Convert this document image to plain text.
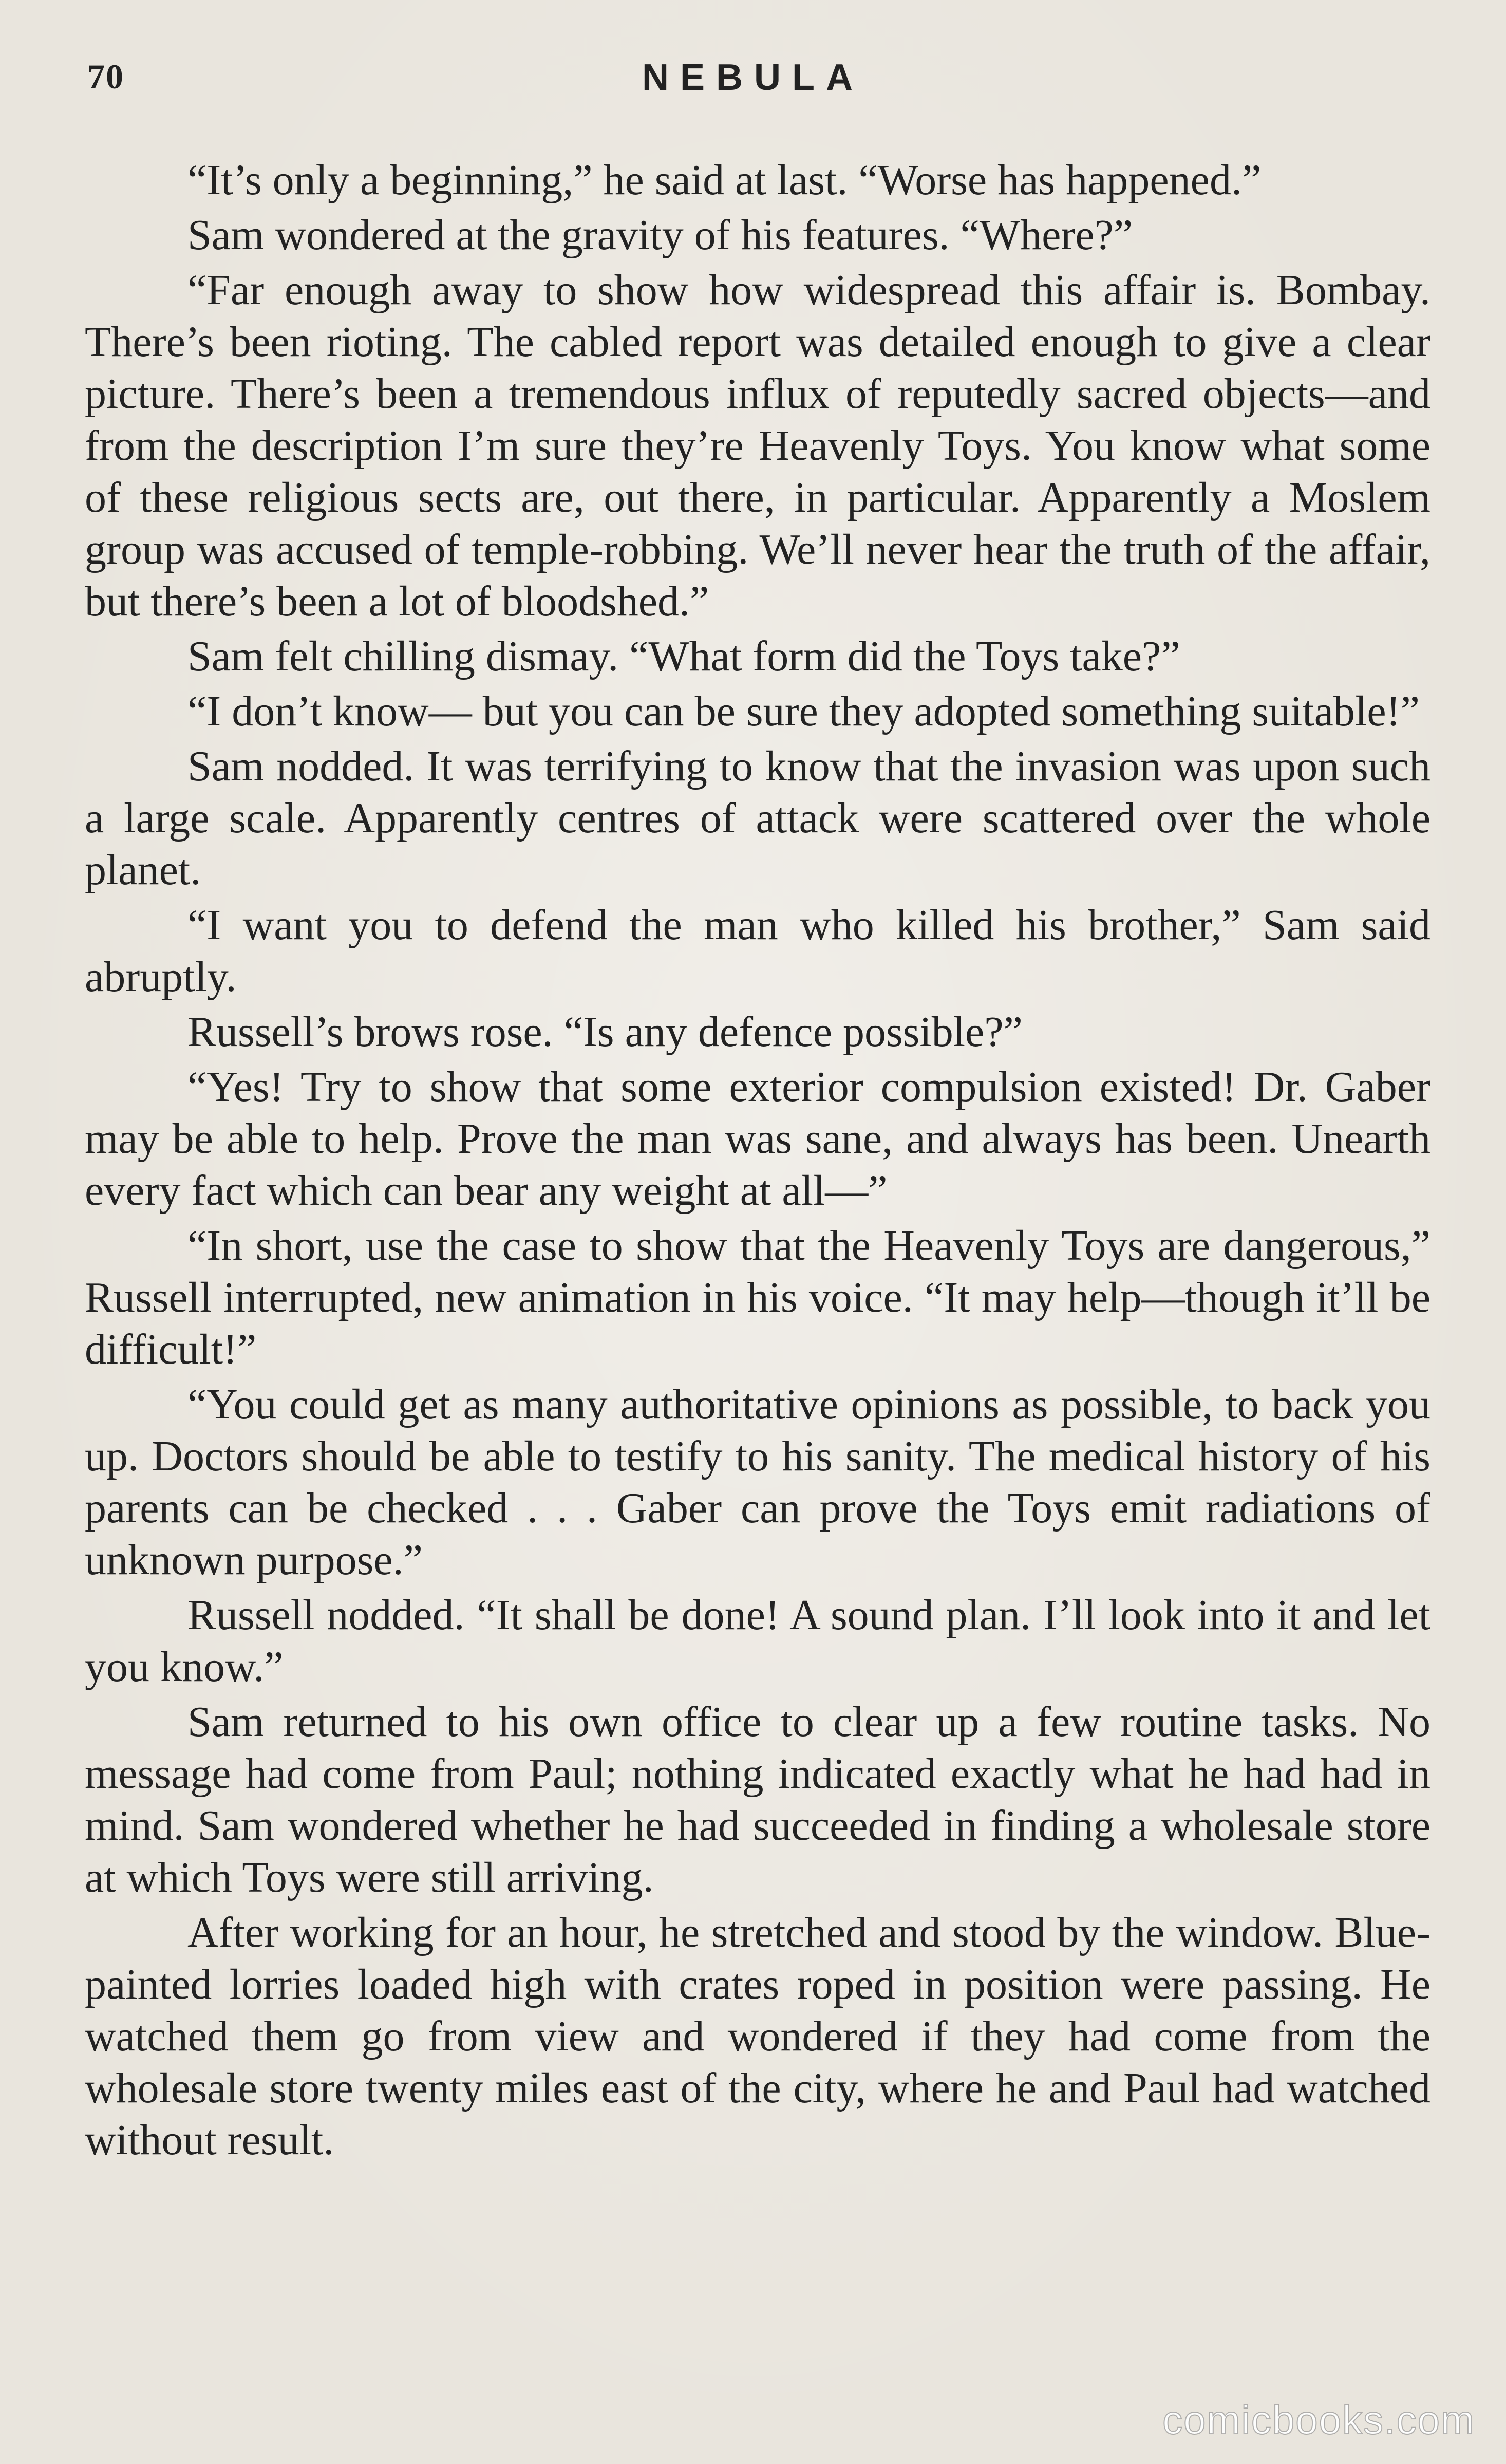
70	NEBULA

“It’s only a beginning,” he said at last. “Worse has happened.”

Sam wondered at the gravity of his features. “Where?”

“Far enough away to show how widespread this affair is. Bombay. There’s been rioting. The cabled report was detailed enough to give a clear picture. There’s been a tremendous influx of reputedly sacred objects—and from the description I’m sure they’re Heavenly Toys. You know what some of these religious sects are, out there, in particular. Apparently a Moslem group was accused of temple-robbing. We’ll never hear the truth of the affair, but there’s been a lot of bloodshed.”

Sam felt chilling dismay. “What form did the Toys take?”

“I don’t know— but you can be sure they adopted something suitable!”

Sam nodded. It was terrifying to know that the invasion was upon such a large scale. Apparently centres of attack were scattered over the whole planet.

“I want you to defend the man who killed his brother,” Sam said abruptly.

Russell’s brows rose. “Is any defence possible?”

“Yes! Try to show that some exterior compulsion existed! Dr. Gaber may be able to help. Prove the man was sane, and always has been. Unearth every fact which can bear any weight at all—”

“In short, use the case to show that the Heavenly Toys are dangerous,” Russell interrupted, new animation in his voice. “It may help—though it’ll be difficult!”

“You could get as many authoritative opinions as possible, to back you up. Doctors should be able to testify to his sanity. The medical history of his parents can be checked . . . Gaber can prove the Toys emit radiations of unknown purpose.”

Russell nodded. “It shall be done! A sound plan. I’ll look into it and let you know.”

Sam returned to his own office to clear up a few routine tasks. No message had come from Paul; nothing indicated exactly what he had had in mind. Sam wondered whether he had succeeded in finding a wholesale store at which Toys were still arriving.

After working for an hour, he stretched and stood by the window. Blue-painted lorries loaded high with crates roped in position were passing. He watched them go from view and wondered if they had come from the wholesale store twenty miles east of the city, where he and Paul had watched without result.

comicbooks.com
